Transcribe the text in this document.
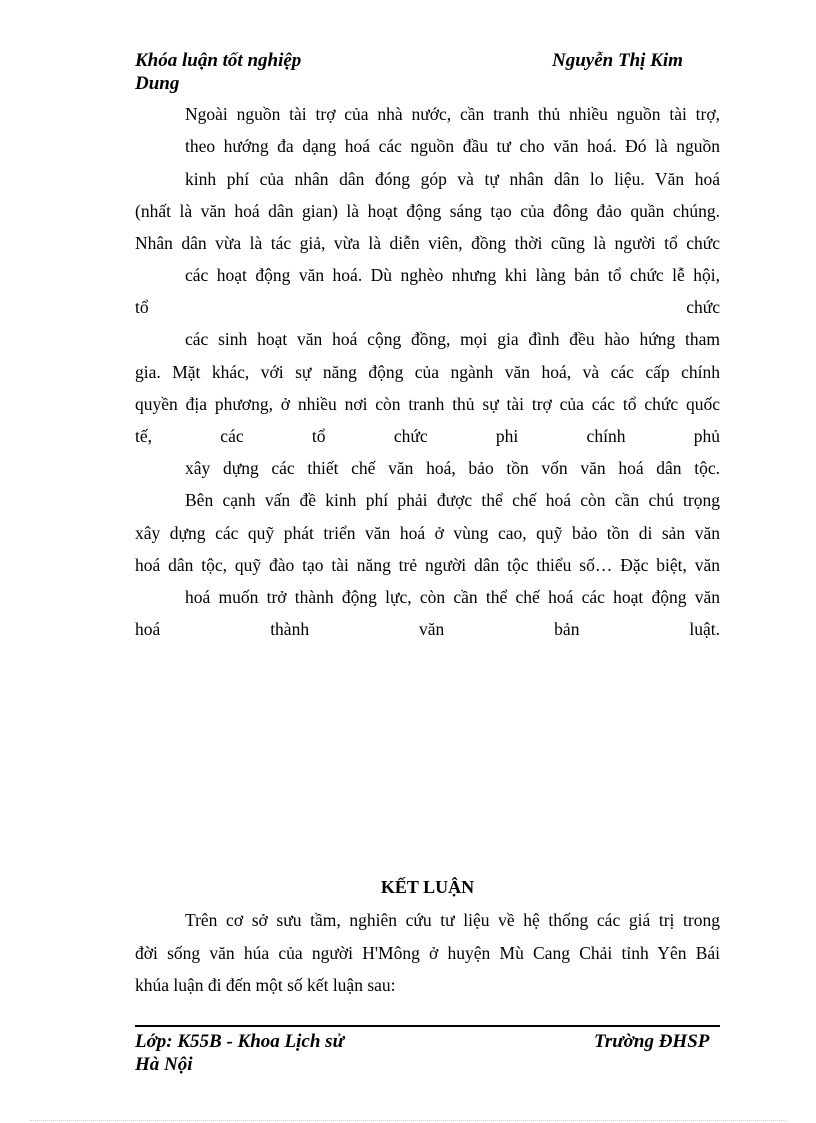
Khóa luận tốt nghiệp	Nguyễn Thị Kim
Dung
Ngoài nguồn tài trợ của nhà nước, cần tranh thủ nhiều nguồn tài trợ,
theo hướng đa dạng hoá các nguồn đầu tư cho văn hoá. Đó là nguồn
kinh phí của nhân dân đóng góp và tự nhân dân lo liệu. Văn hoá
(nhất là văn hoá dân gian) là hoạt động sáng tạo của đông đảo quần chúng.
Nhân dân vừa là tác giả, vừa là diễn viên, đồng thời cũng là người tổ chức
các hoạt động văn hoá. Dù nghèo nhưng khi làng bản tổ chức lễ hội,
tổ chức
các sinh hoạt văn hoá cộng đồng, mọi gia đình đều hào hứng tham
gia. Mặt khác, với sự năng động của ngành văn hoá, và các cấp chính
quyền địa phương, ở nhiều nơi còn tranh thủ sự tài trợ của các tổ chức quốc
tế, các tổ chức phi chính phủ
xây dựng các thiết chế văn hoá, bảo tồn vốn văn hoá dân tộc.
Bên cạnh vấn đề kinh phí phải được thể chế hoá còn cần chú trọng
xây dựng các quỹ phát triển văn hoá ở vùng cao, quỹ bảo tồn di sản văn
hoá dân tộc, quỹ đào tạo tài năng trẻ người dân tộc thiểu số… Đặc biệt, văn
hoá muốn trở thành động lực, còn cần thể chế hoá các hoạt động văn
hoá thành văn bản luật.
KẾT LUẬN
Trên cơ sở sưu tầm, nghiên cứu tư liệu về hệ thống các giá trị trong
đời sống văn húa của người H'Mông ở huyện Mù Cang Chải tỉnh Yên Bái
khúa luận đi đến một số kết luận sau:
Lớp: K55B - Khoa Lịch sử	Trường ĐHSP
Hà Nội
